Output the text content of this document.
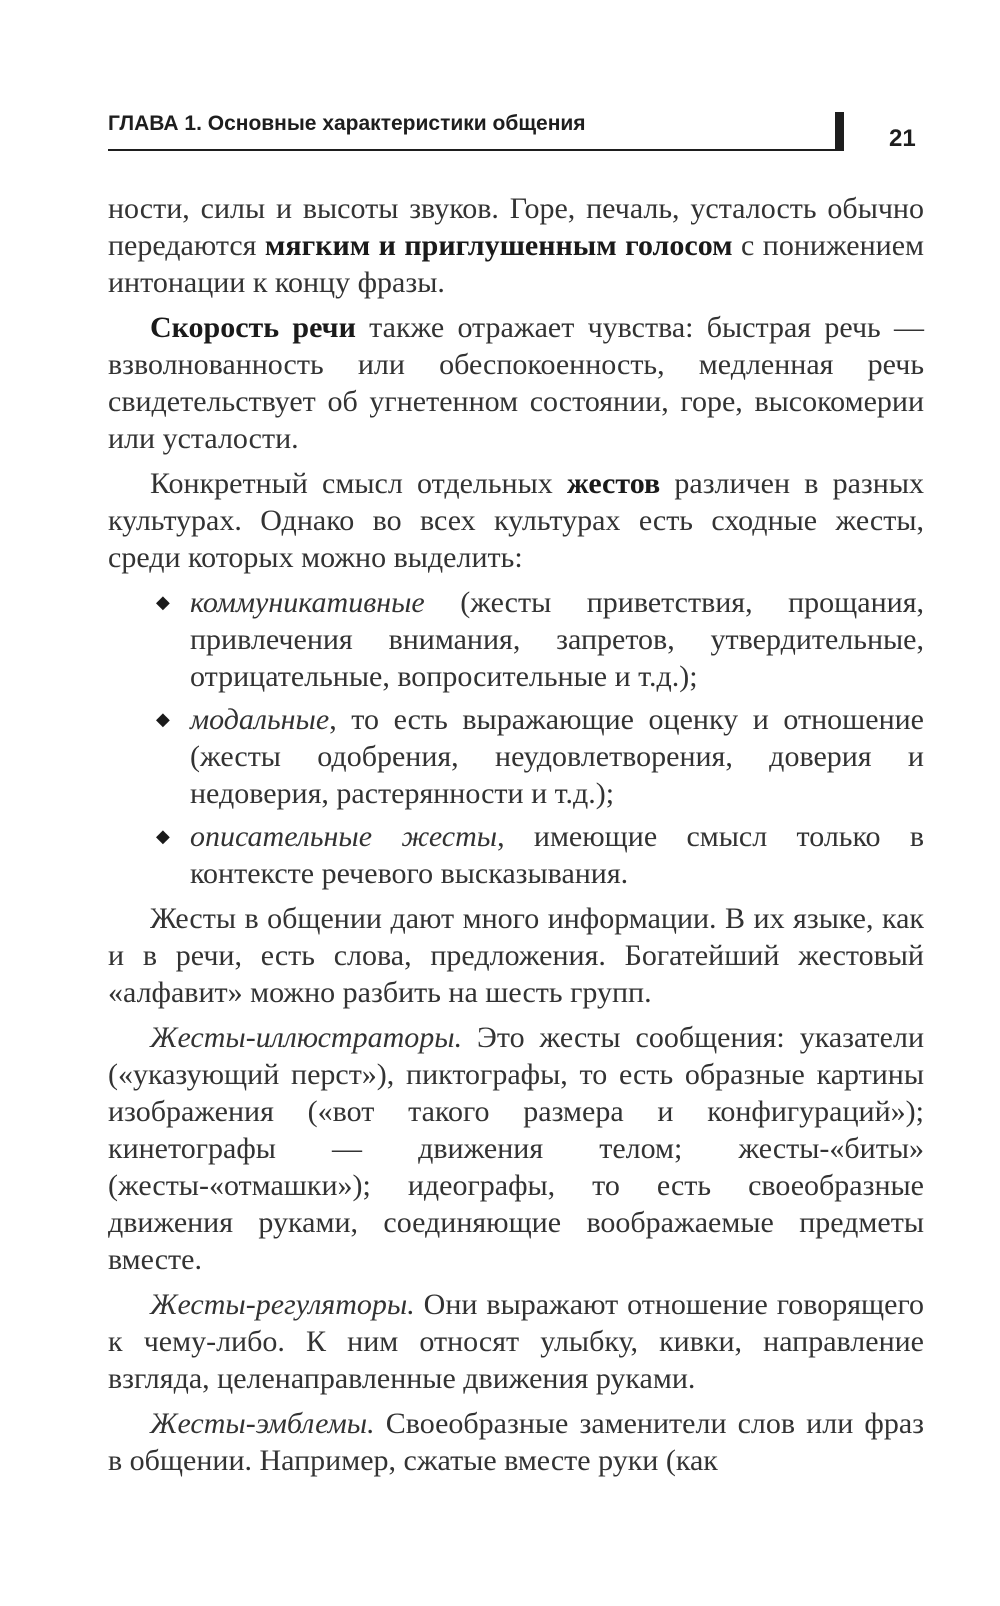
ГЛАВА 1. Основные характеристики общения
21

ности, силы и высоты звуков. Горе, печаль, усталость обычно передаются мягким и приглушенным голосом с понижением интонации к концу фразы.

Скорость речи также отражает чувства: быстрая речь — взволнованность или обеспокоенность, медленная речь свидетельствует об угнетенном состоянии, горе, высокомерии или усталости.

Конкретный смысл отдельных жестов различен в разных культурах. Однако во всех культурах есть сходные жесты, среди которых можно выделить:

◆ коммуникативные (жесты приветствия, прощания, привлечения внимания, запретов, утвердительные, отрицательные, вопросительные и т.д.);
◆ модальные, то есть выражающие оценку и отношение (жесты одобрения, неудовлетворения, доверия и недоверия, растерянности и т.д.);
◆ описательные жесты, имеющие смысл только в контексте речевого высказывания.

Жесты в общении дают много информации. В их языке, как и в речи, есть слова, предложения. Богатейший жестовый «алфавит» можно разбить на шесть групп.

Жесты-иллюстраторы. Это жесты сообщения: указатели («указующий перст»), пиктографы, то есть образные картины изображения («вот такого размера и конфигураций»); кинетографы — движения телом; жесты-«биты» (жесты-«отмашки»); идеографы, то есть своеобразные движения руками, соединяющие воображаемые предметы вместе.

Жесты-регуляторы. Они выражают отношение говорящего к чему-либо. К ним относят улыбку, кивки, направление взгляда, целенаправленные движения руками.

Жесты-эмблемы. Своеобразные заменители слов или фраз в общении. Например, сжатые вместе руки (как
